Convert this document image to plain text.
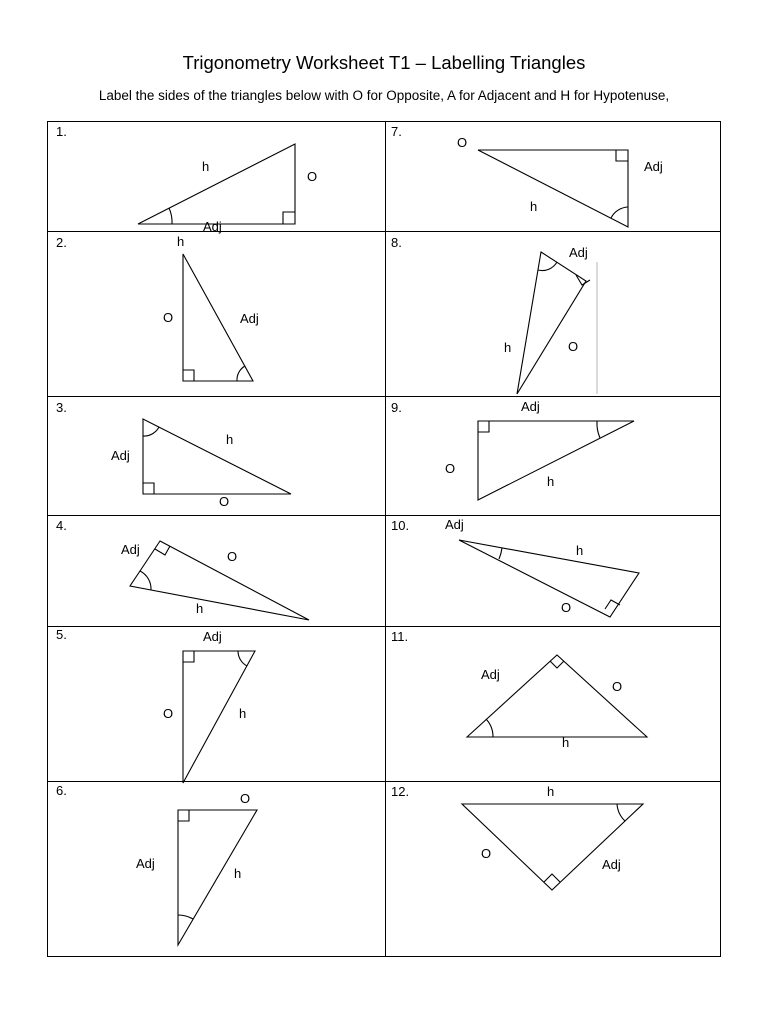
Trigonometry Worksheet T1 – Labelling Triangles
Label the sides of the triangles below with O for Opposite, A for Adjacent and H for Hypotenuse,
1.
h
O
Adj
2.	h
O	Adj
3.
h
Adj
O
4.
Adj	O
h
5.	Adj
O	h
6.
O
Adj
h
7.
O
Adj
h
8.
Adj
h	O
9.	Adj
O
h
10.	Adj
h
O
11.
Adj
O
h
12.	h
O
Adj
